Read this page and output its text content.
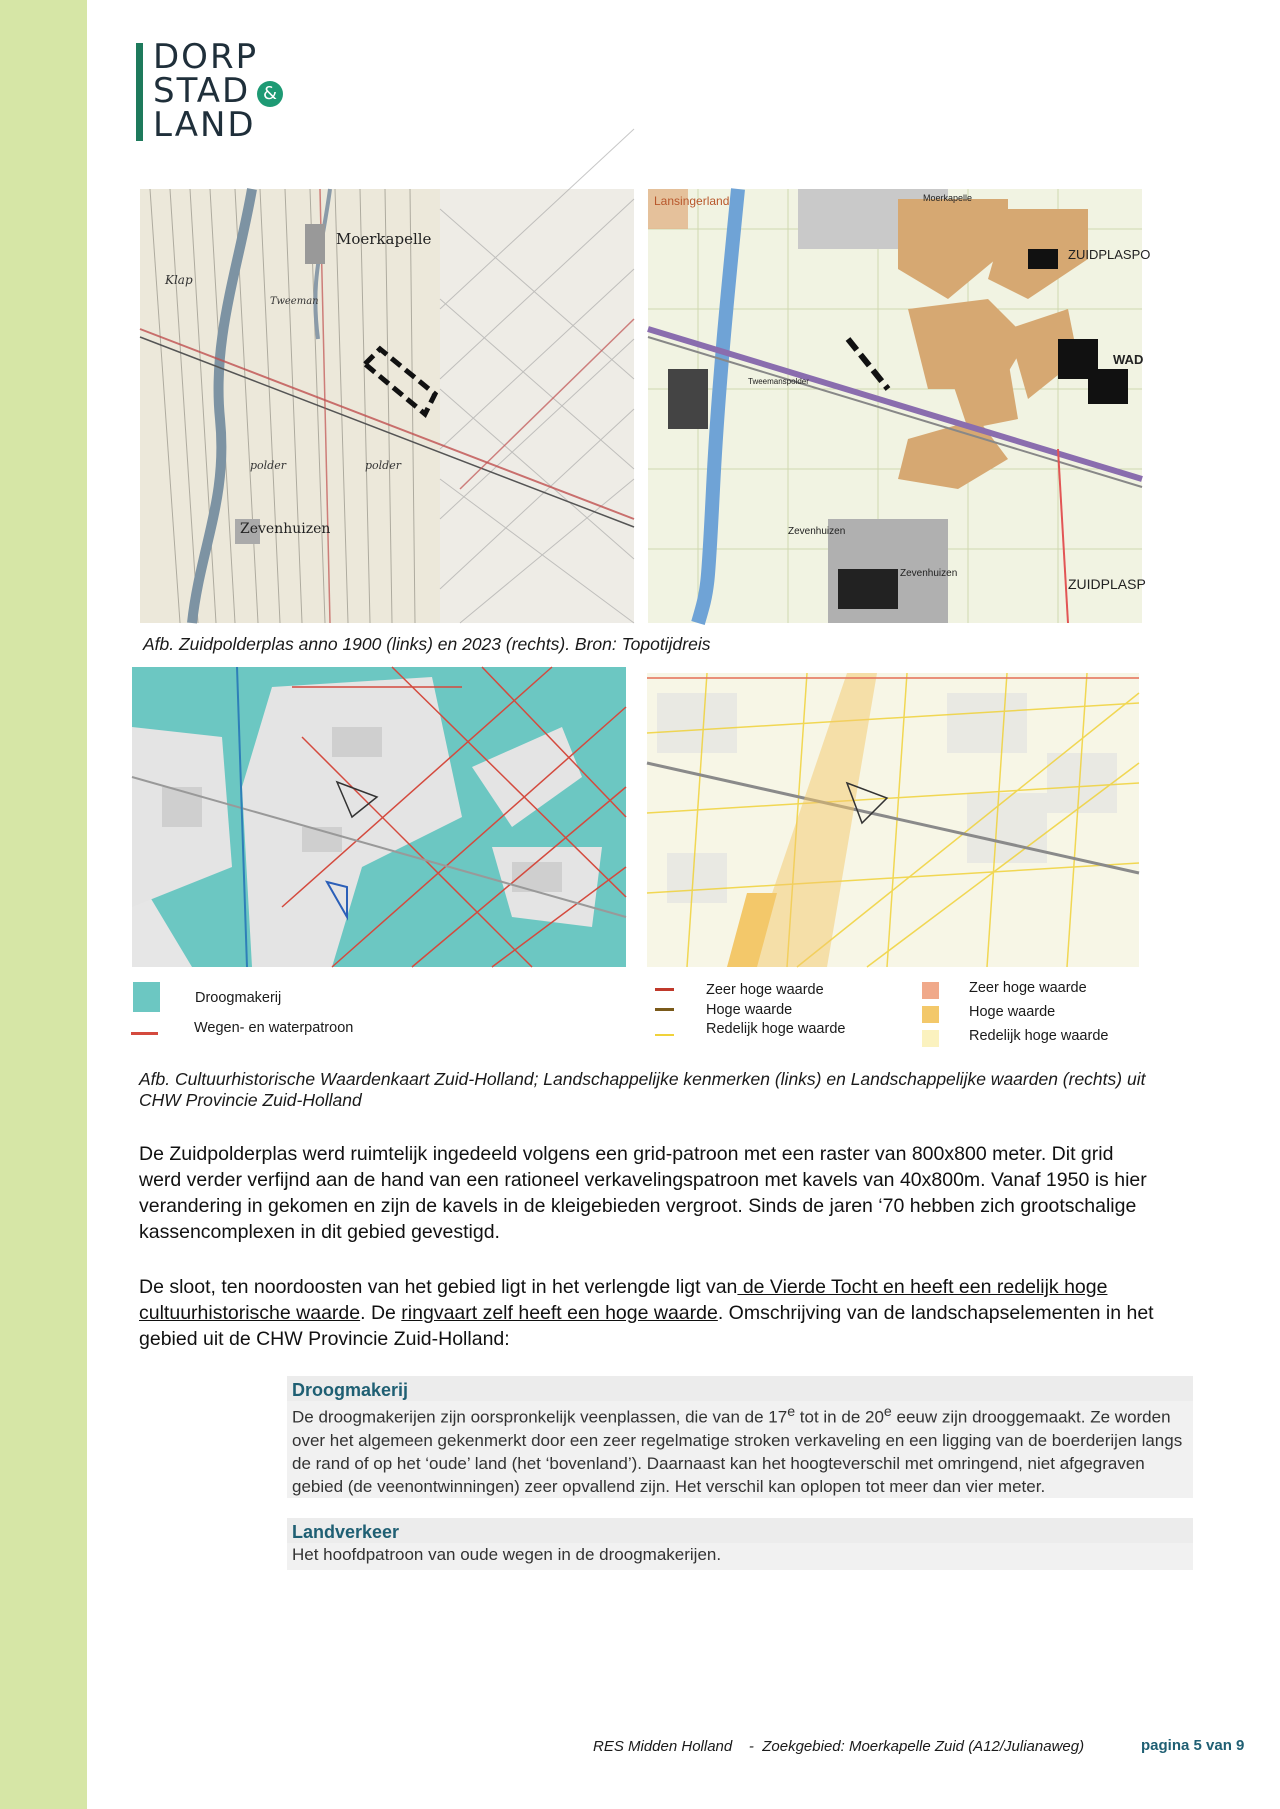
DORP
STAD &
LAND
Moerkapelle
Zevenhuizen
Tweeman
polder	polder
Klap
Lansingerland	Moerkapelle
ZUIDPLASPO
WAD
Tweemanspolder
Zevenhuizen
Zevenhuizen
ZUIDPLASP
Afb. Zuidpolderplas anno 1900 (links) en 2023 (rechts). Bron: Topotijdreis
Droogmakerij
Wegen- en waterpatroon
Zeer hoge waarde
Hoge waarde
Redelijk hoge waarde
Zeer hoge waarde
Hoge waarde
Redelijk hoge waarde
Afb. Cultuurhistorische Waardenkaart Zuid-Holland; Landschappelijke kenmerken (links) en Landschappelijke waarden (rechts) uit CHW Provincie Zuid-Holland
De Zuidpolderplas werd ruimtelijk ingedeeld volgens een grid-patroon met een raster van 800x800 meter. Dit grid werd verder verfijnd aan de hand van een rationeel verkavelingspatroon met kavels van 40x800m. Vanaf 1950 is hier verandering in gekomen en zijn de kavels in de kleigebieden vergroot. Sinds de jaren ‘70 hebben zich grootschalige kassencomplexen in dit gebied gevestigd.
De sloot, ten noordoosten van het gebied ligt in het verlengde ligt van de Vierde Tocht en heeft een redelijk hoge cultuurhistorische waarde. De ringvaart zelf heeft een hoge waarde. Omschrijving van de landschapselementen in het gebied uit de CHW Provincie Zuid-Holland:
Droogmakerij
De droogmakerijen zijn oorspronkelijk veenplassen, die van de 17e tot in de 20e eeuw zijn drooggemaakt. Ze worden over het algemeen gekenmerkt door een zeer regelmatige stroken verkaveling en een ligging van de boerderijen langs de rand of op het ‘oude’ land (het ‘bovenland’). Daarnaast kan het hoogteverschil met omringend, niet afgegraven gebied (de veenontwinningen) zeer opvallend zijn. Het verschil kan oplopen tot meer dan vier meter.
Landverkeer
Het hoofdpatroon van oude wegen in de droogmakerijen.
RES Midden Holland    -  Zoekgebied: Moerkapelle Zuid (A12/Julianaweg)	pagina 5 van 9
